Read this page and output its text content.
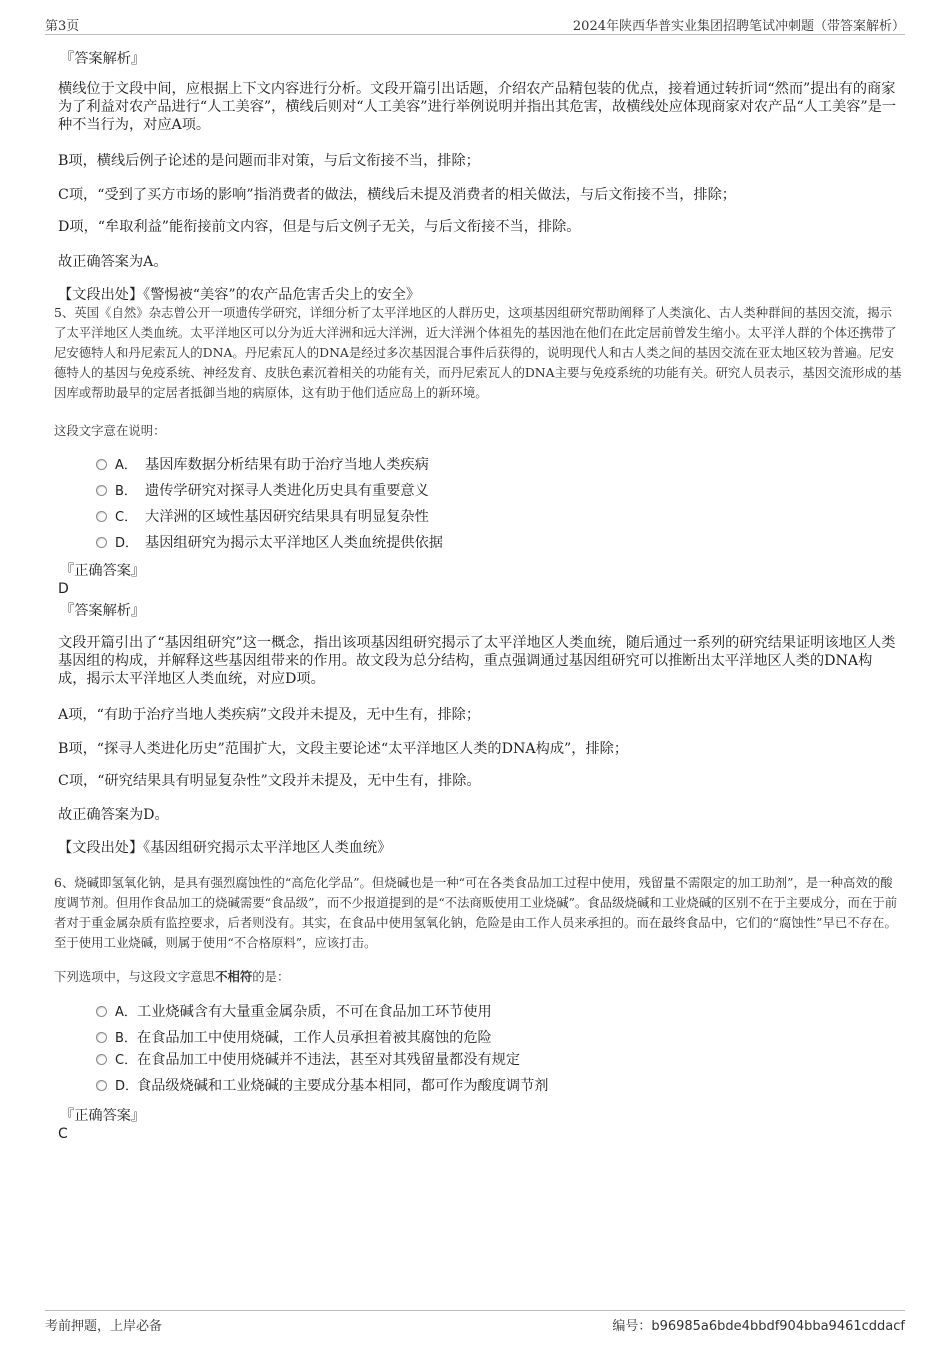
第3页	2024年陕西华普实业集团招聘笔试冲刺题（带答案解析）
『答案解析』
横线位于文段中间，应根据上下文内容进行分析。文段开篇引出话题，介绍农产品精包装的优点，接着通过转折词“然而”提出有的商家为了利益对农产品进行“人工美容”，横线后则对“人工美容”进行举例说明并指出其危害，故横线处应体现商家对农产品“人工美容”是一种不当行为，对应A项。
B项，横线后例子论述的是问题而非对策，与后文衔接不当，排除；
C项，“受到了买方市场的影响”指消费者的做法，横线后未提及消费者的相关做法，与后文衔接不当，排除；
D项，“牟取利益”能衔接前文内容，但是与后文例子无关，与后文衔接不当，排除。
故正确答案为A。
【文段出处】《警惕被“美容”的农产品危害舌尖上的安全》
5、英国《自然》杂志曾公开一项遗传学研究，详细分析了太平洋地区的人群历史，这项基因组研究帮助阐释了人类演化、古人类种群间的基因交流，揭示了太平洋地区人类血统。太平洋地区可以分为近大洋洲和远大洋洲，近大洋洲个体祖先的基因池在他们在此定居前曾发生缩小。太平洋人群的个体还携带了尼安德特人和丹尼索瓦人的DNA。丹尼索瓦人的DNA是经过多次基因混合事件后获得的，说明现代人和古人类之间的基因交流在亚太地区较为普遍。尼安德特人的基因与免疫系统、神经发育、皮肤色素沉着相关的功能有关，而丹尼索瓦人的DNA主要与免疫系统的功能有关。研究人员表示，基因交流形成的基因库或帮助最早的定居者抵御当地的病原体，这有助于他们适应岛上的新环境。
这段文字意在说明：
A． 基因库数据分析结果有助于治疗当地人类疾病
B． 遗传学研究对探寻人类进化历史具有重要意义
C． 大洋洲的区域性基因研究结果具有明显复杂性
D． 基因组研究为揭示太平洋地区人类血统提供依据
『正确答案』
D
『答案解析』
文段开篇引出了“基因组研究”这一概念，指出该项基因组研究揭示了太平洋地区人类血统，随后通过一系列的研究结果证明该地区人类基因组的构成，并解释这些基因组带来的作用。故文段为总分结构，重点强调通过基因组研究可以推断出太平洋地区人类的DNA构成，揭示太平洋地区人类血统，对应D项。
A项，“有助于治疗当地人类疾病”文段并未提及，无中生有，排除；
B项，“探寻人类进化历史”范围扩大，文段主要论述“太平洋地区人类的DNA构成”，排除；
C项，“研究结果具有明显复杂性”文段并未提及，无中生有，排除。
故正确答案为D。
【文段出处】《基因组研究揭示太平洋地区人类血统》
6、烧碱即氢氧化钠，是具有强烈腐蚀性的“高危化学品”。但烧碱也是一种“可在各类食品加工过程中使用，残留量不需限定的加工助剂”，是一种高效的酸度调节剂。但用作食品加工的烧碱需要“食品级”，而不少报道提到的是“不法商贩使用工业烧碱”。食品级烧碱和工业烧碱的区别不在于主要成分，而在于前者对于重金属杂质有监控要求，后者则没有。其实，在食品中使用氢氧化钠，危险是由工作人员来承担的。而在最终食品中，它们的“腐蚀性”早已不存在。至于使用工业烧碱，则属于使用“不合格原料”，应该打击。
下列选项中，与这段文字意思不相符的是：
A．工业烧碱含有大量重金属杂质，不可在食品加工环节使用
B．在食品加工中使用烧碱，工作人员承担着被其腐蚀的危险
C．在食品加工中使用烧碱并不违法，甚至对其残留量都没有规定
D．食品级烧碱和工业烧碱的主要成分基本相同，都可作为酸度调节剂
『正确答案』
C
考前押题，上岸必备	编号：b96985a6bde4bbdf904bba9461cddacf
